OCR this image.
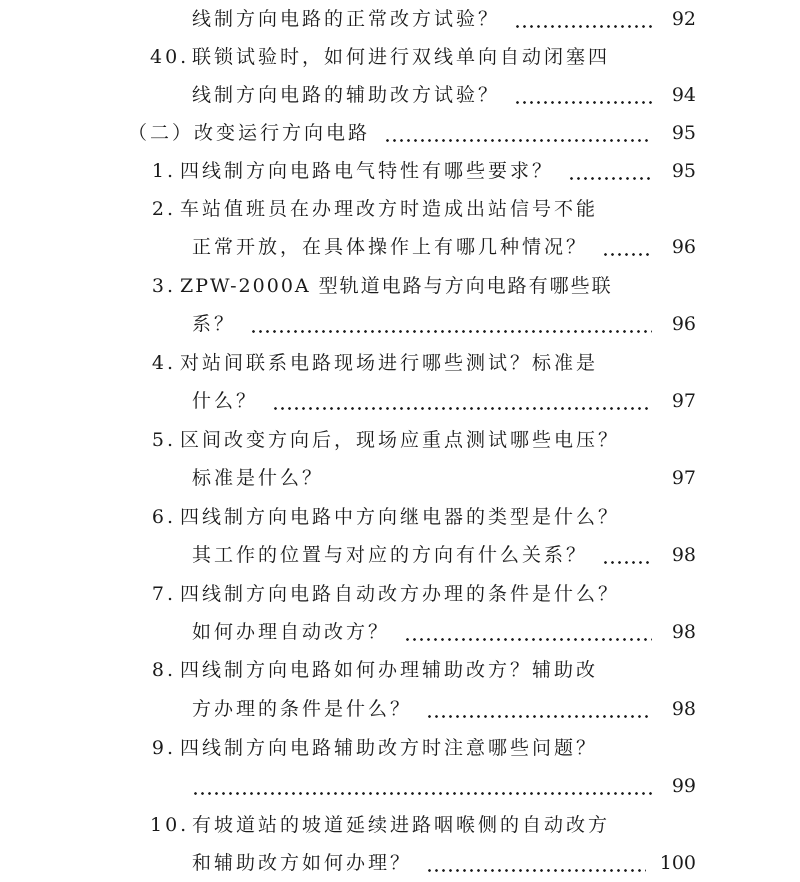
线制方向电路的正常改方试验？	92
40. 联锁试验时，如何进行双线单向自动闭塞四
线制方向电路的辅助改方试验？	94
（二）改变运行方向电路	95
1. 四线制方向电路电气特性有哪些要求？	95
2. 车站值班员在办理改方时造成出站信号不能
正常开放，在具体操作上有哪几种情况？	96
3. ZPW-2000A 型轨道电路与方向电路有哪些联
系？	96
4. 对站间联系电路现场进行哪些测试？标准是
什么？	97
5. 区间改变方向后，现场应重点测试哪些电压？
标准是什么？	97
6. 四线制方向电路中方向继电器的类型是什么？
其工作的位置与对应的方向有什么关系？	98
7. 四线制方向电路自动改方办理的条件是什么？
如何办理自动改方？	98
8. 四线制方向电路如何办理辅助改方？辅助改
方办理的条件是什么？	98
9. 四线制方向电路辅助改方时注意哪些问题？
99
10. 有坡道站的坡道延续进路咽喉侧的自动改方
和辅助改方如何办理？	100
